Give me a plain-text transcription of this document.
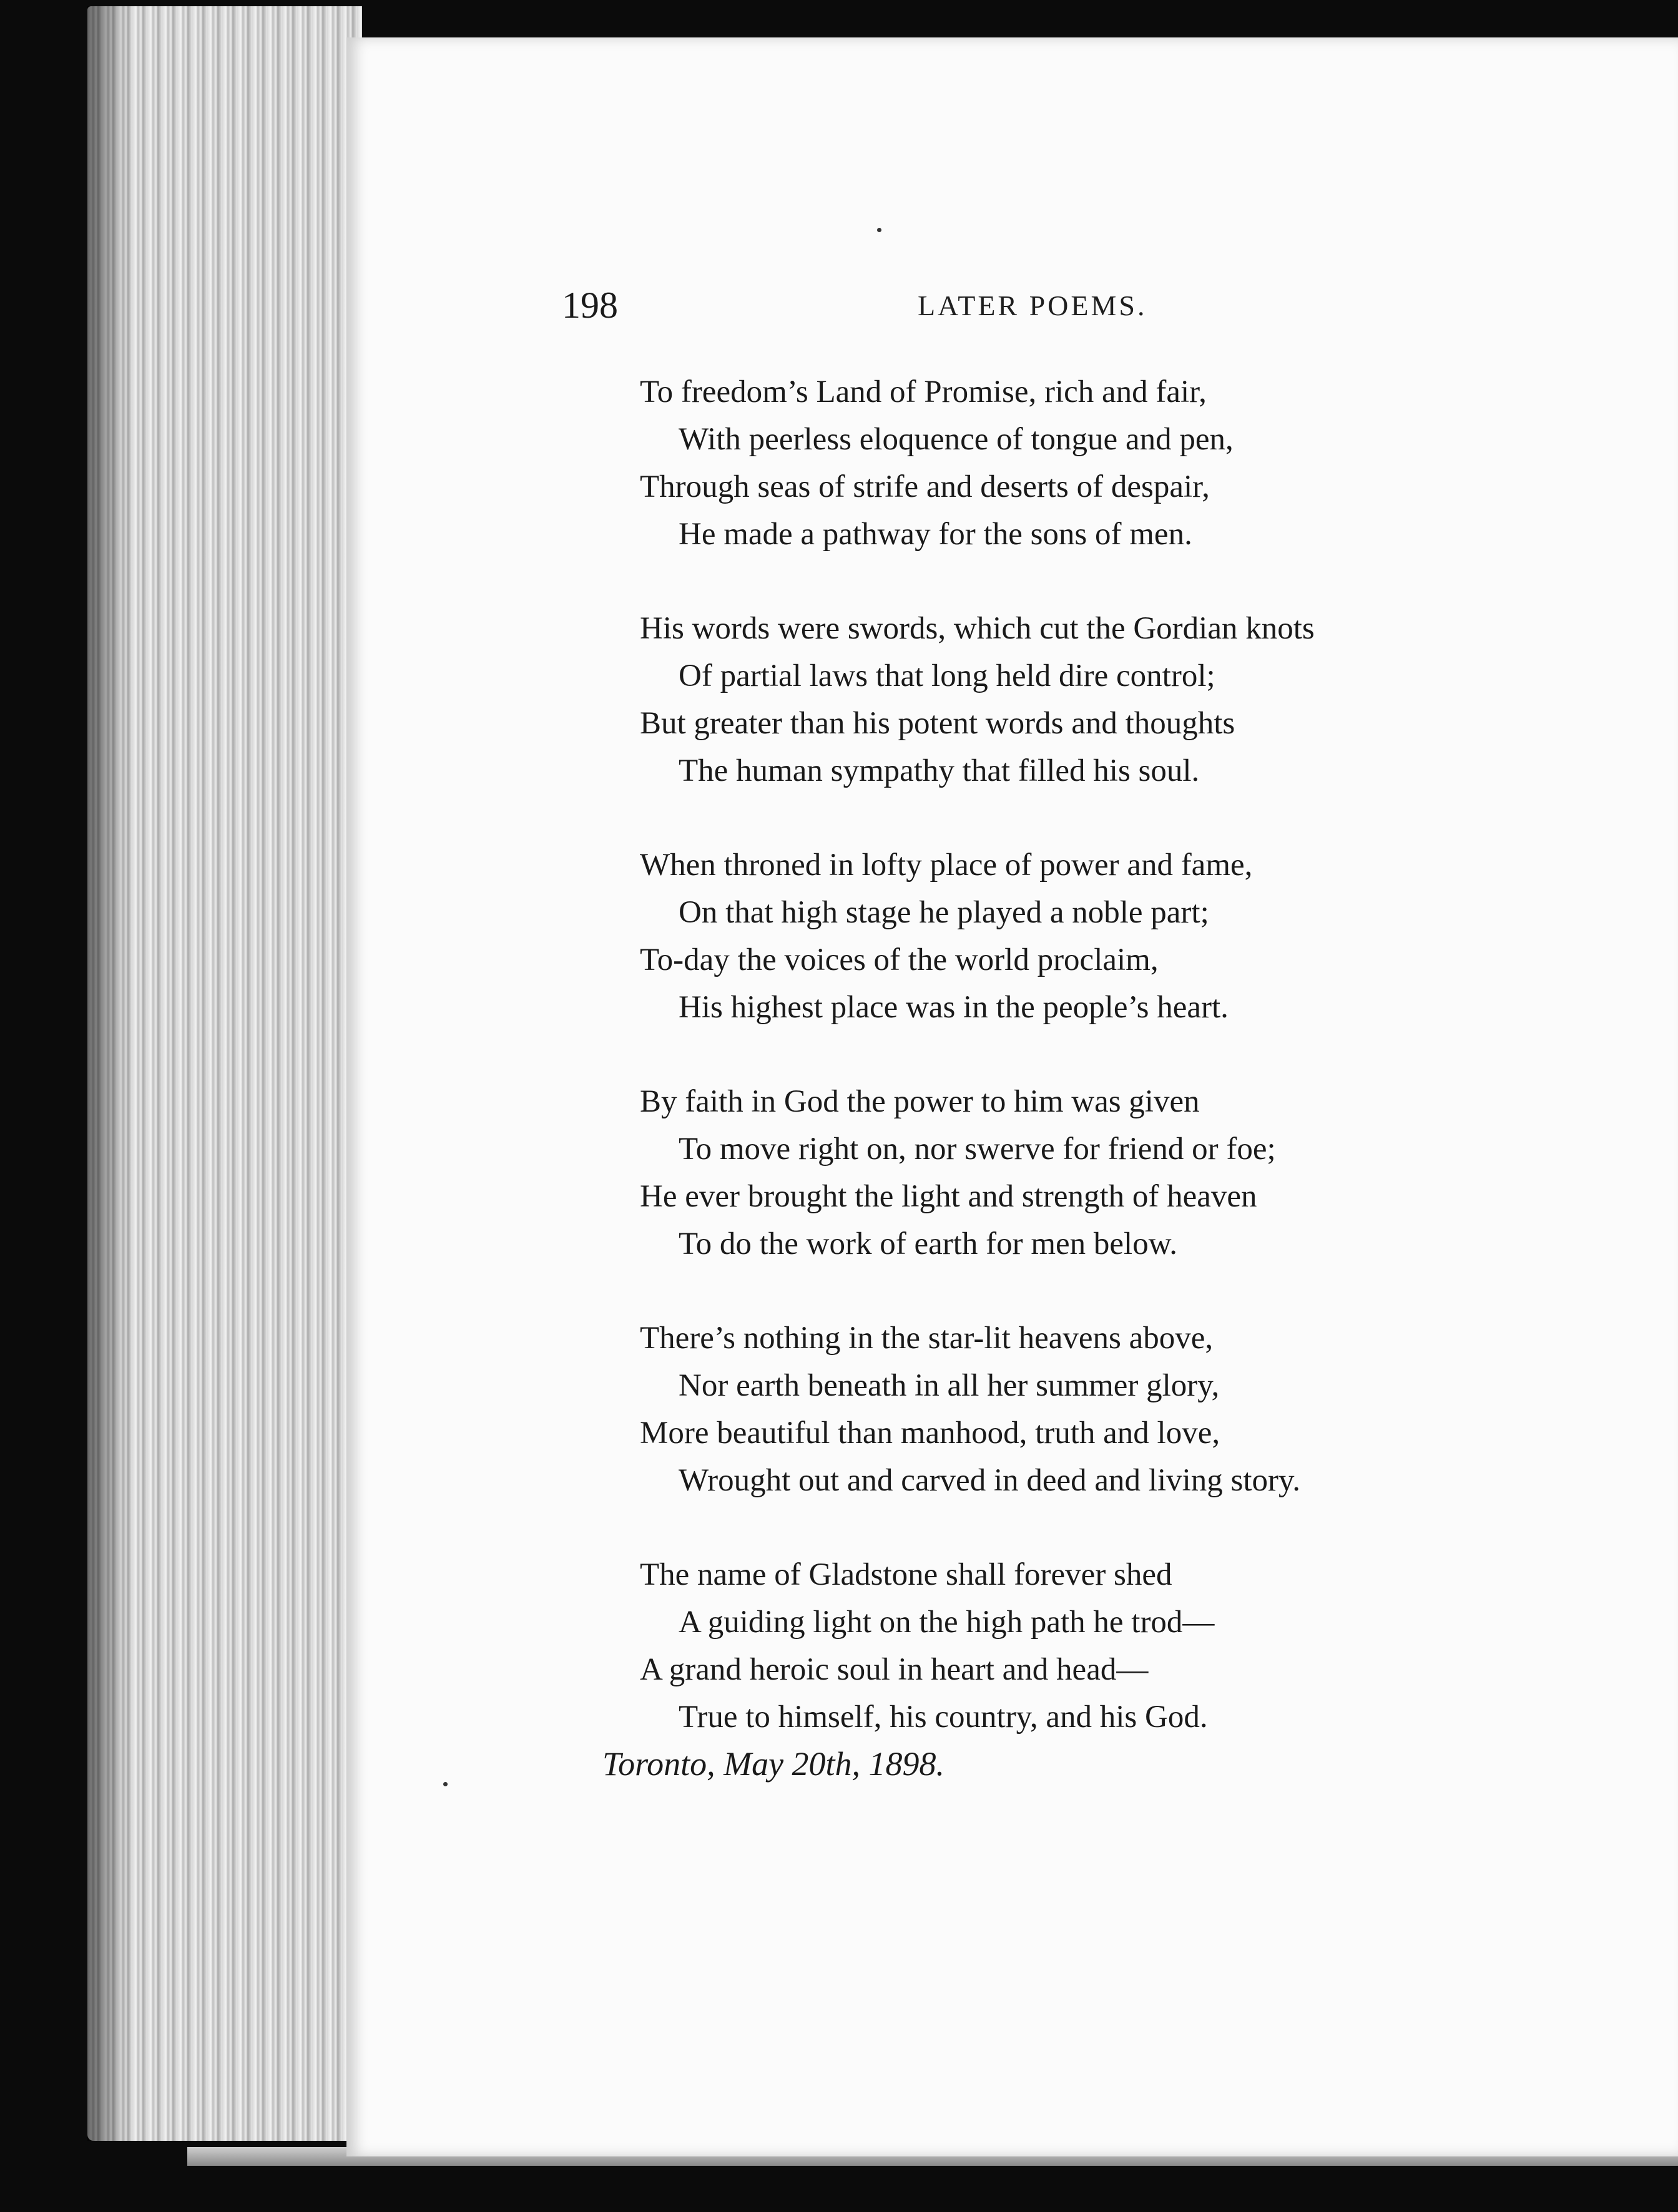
198	LATER POEMS.
To freedom’s Land of Promise, rich and fair,
With peerless eloquence of tongue and pen,
Through seas of strife and deserts of despair,
He made a pathway for the sons of men.
His words were swords, which cut the Gordian knots
Of partial laws that long held dire control;
But greater than his potent words and thoughts
The human sympathy that filled his soul.
When throned in lofty place of power and fame,
On that high stage he played a noble part;
To-day the voices of the world proclaim,
His highest place was in the people’s heart.
By faith in God the power to him was given
To move right on, nor swerve for friend or foe;
He ever brought the light and strength of heaven
To do the work of earth for men below.
There’s nothing in the star-lit heavens above,
Nor earth beneath in all her summer glory,
More beautiful than manhood, truth and love,
Wrought out and carved in deed and living story.
The name of Gladstone shall forever shed
A guiding light on the high path he trod—
A grand heroic soul in heart and head—
True to himself, his country, and his God.
Toronto, May 20th, 1898.
